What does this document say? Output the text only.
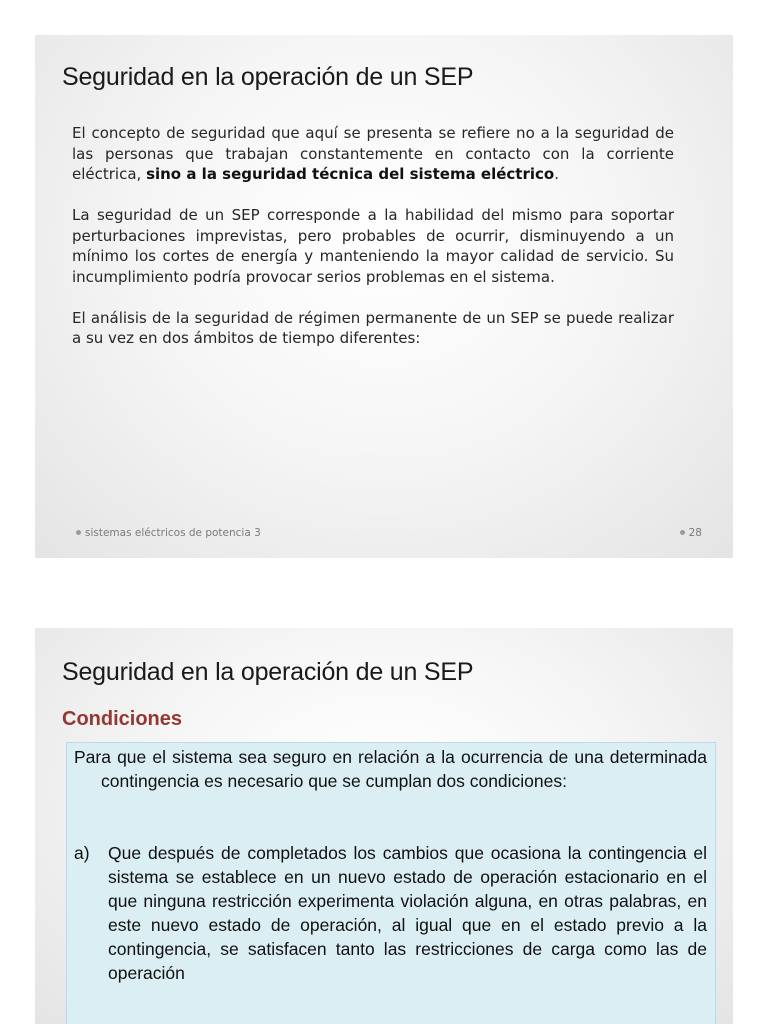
Seguridad en la operación de un SEP

El concepto de seguridad que aquí se presenta se refiere no a la seguridad de las personas que trabajan constantemente en contacto con la corriente eléctrica, sino a la seguridad técnica del sistema eléctrico.

La seguridad de un SEP corresponde a la habilidad del mismo para soportar perturbaciones imprevistas, pero probables de ocurrir, disminuyendo a un mínimo los cortes de energía y manteniendo la mayor calidad de servicio. Su incumplimiento podría provocar serios problemas en el sistema.

El análisis de la seguridad de régimen permanente de un SEP se puede realizar a su vez en dos ámbitos de tiempo diferentes:

sistemas eléctricos de potencia 3	28
Seguridad en la operación de un SEP
Condiciones
Para que el sistema sea seguro en relación a la ocurrencia de una determinada contingencia es necesario que se cumplan dos condiciones:
a) Que después de completados los cambios que ocasiona la contingencia el sistema se establece en un nuevo estado de operación estacionario en el que ninguna restricción experimenta violación alguna, en otras palabras, en este nuevo estado de operación, al igual que en el estado previo a la contingencia, se satisfacen tanto las restricciones de carga como las de operación
